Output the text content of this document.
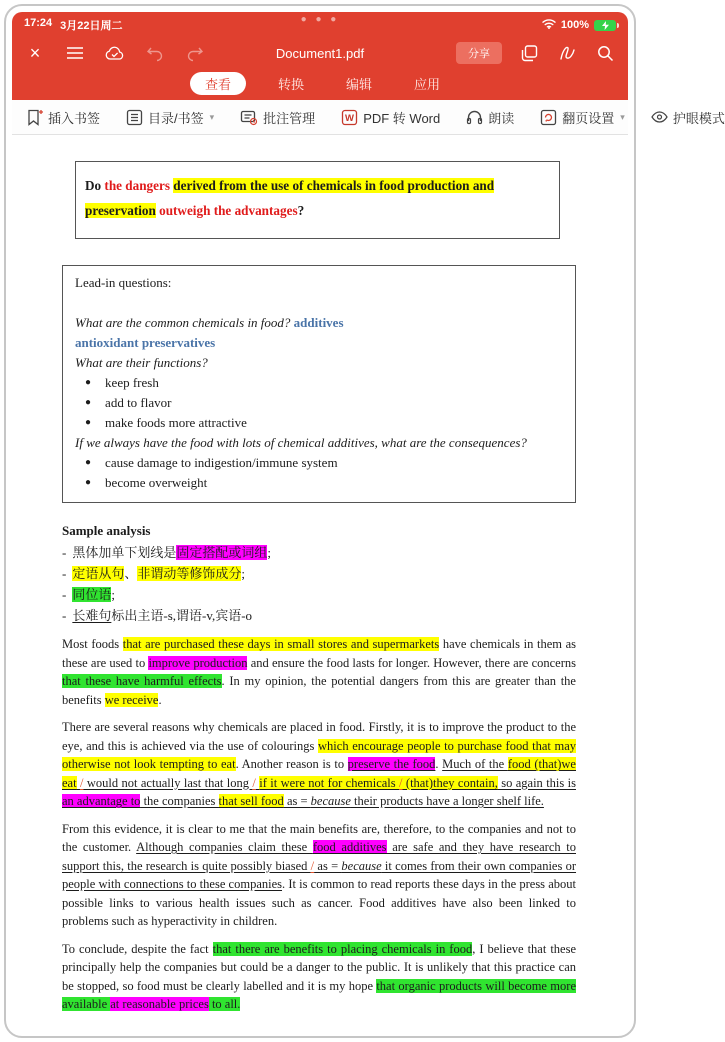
17:24 3月22日周二
● ● ●	100%
×	Document1.pdf	分享
查看	转换	编辑	应用
插入书签	目录/书签 ▾	批注管理	W PDF 转 Word	朗读	翻页设置 ▾	护眼模式
Do the dangers derived from the use of chemicals in food production and preservation outweigh the advantages?
Lead-in questions:

What are the common chemicals in food? additives
antioxidant preservatives
What are their functions?
● keep fresh
● add to flavor
● make foods more attractive
If we always have the food with lots of chemical additives, what are the consequences?
● cause damage to indigestion/immune system
● become overweight
Sample analysis
- 黑体加单下划线是固定搭配或词组;
- 定语从句、非谓动等修饰成分;
- 同位语;
- 长难句标出主语-s,谓语-v,宾语-o
Most foods that are purchased these days in small stores and supermarkets have chemicals in them as these are used to improve production and ensure the food lasts for longer. However, there are concerns that these have harmful effects. In my opinion, the potential dangers from this are greater than the benefits we receive.
There are several reasons why chemicals are placed in food. Firstly, it is to improve the product to the eye, and this is achieved via the use of colourings which encourage people to purchase food that may otherwise not look tempting to eat. Another reason is to preserve the food. Much of the food (that)we eat / would not actually last that long / if it were not for chemicals / (that)they contain, so again this is an advantage to the companies that sell food as = because their products have a longer shelf life.
From this evidence, it is clear to me that the main benefits are, therefore, to the companies and not to the customer. Although companies claim these food additives are safe and they have research to support this, the research is quite possibly biased / as = because it comes from their own companies or people with connections to these companies. It is common to read reports these days in the press about possible links to various health issues such as cancer. Food additives have also been linked to problems such as hyperactivity in children.
To conclude, despite the fact that there are benefits to placing chemicals in food, I believe that these principally help the companies but could be a danger to the public. It is unlikely that this practice can be stopped, so food must be clearly labelled and it is my hope that organic products will become more available at reasonable prices to all.
